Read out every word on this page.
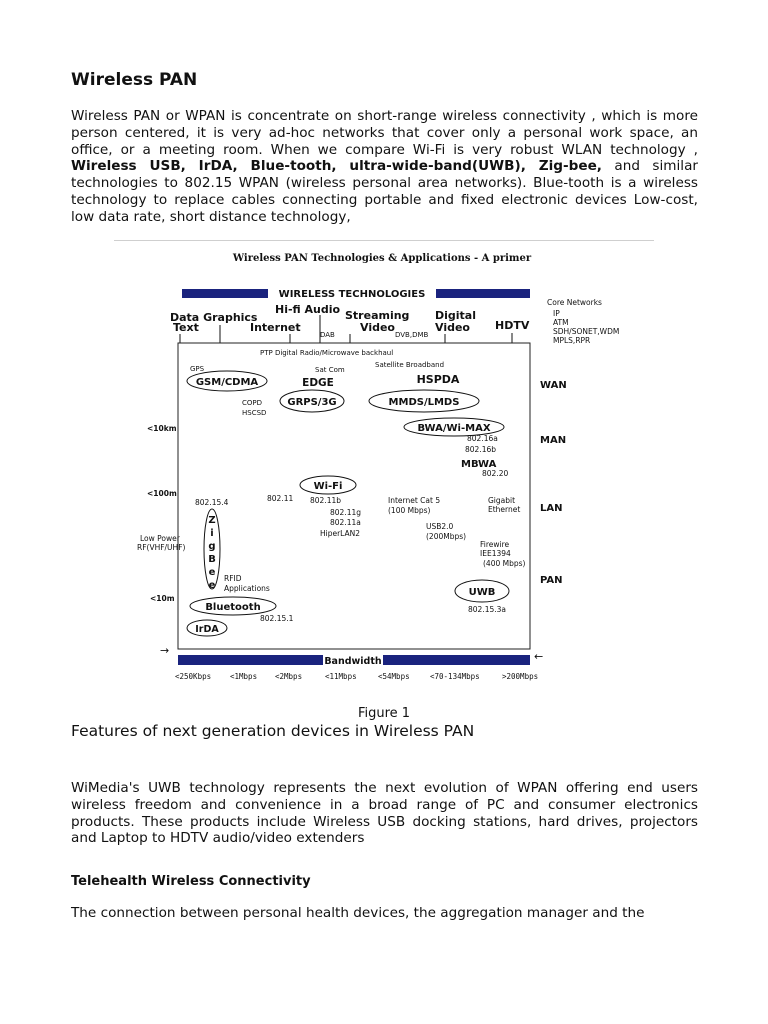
Wireless PAN

Wireless PAN or WPAN is concentrate on short-range wireless connectivity , which is more person centered, it is very ad-hoc networks that cover only a personal work space, an office, or a meeting room. When we compare Wi-Fi is very robust WLAN technology , Wireless USB, IrDA, Blue-tooth, ultra-wide-band(UWB), Zig-bee, and similar technologies to 802.15 WPAN (wireless personal area networks). Blue-tooth is a wireless technology to replace cables connecting portable and fixed electronic devices Low-cost, low data rate, short distance technology,

Wireless PAN Technologies & Applications - A primer
WIRELESS TECHNOLOGIES
Data Graphics
Text
Hi-fi Audio
Internet
Streaming
Video
Digital
Video HDTV
Core Networks
IP
ATM
SDH/SONET,WDM
MPLS,RPR
DAB	DVB,DMB
PTP Digital Radio/Microwave backhaul
GPS	Sat Com
Satellite Broadband
COPD
HSCSD
GSM/CDMA	EDGE	HSPDA
GRPS/3G	MMDS/LMDS
BWA/Wi-MAX
802.16a
802.16b
802.20
MBWA
Wi-Fi
802.11 802.11b
802.11g
802.11a
HiperLAN2
Internet Cat 5
(100 Mbps)
USB2.0
(200Mbps)
Gigabit
Ethernet
Firewire
IEE1394
(400 Mbps)
802.15.4
Z
i
g
B
e
e
RFID
Applications
Low Power
RF(VHF/UHF)
802.15.1
802.15.3a
Bluetooth
IrDA
UWB
WAN
MAN
LAN
PAN
<10km
<100m
<10m
→	←
Bandwidth
<250Kbps	<1Mbps <2Mbps	<11Mbps	<54Mbps	<70-134Mbps	>200Mbps
Figure 1
Features of next generation devices in Wireless PAN

WiMedia's UWB technology represents the next evolution of WPAN offering end users wireless freedom and convenience in a broad range of PC and consumer electronics products. These products include Wireless USB docking stations, hard drives, projectors and Laptop to HDTV audio/video extenders

Telehealth Wireless Connectivity

The connection between personal health devices, the aggregation manager and the
